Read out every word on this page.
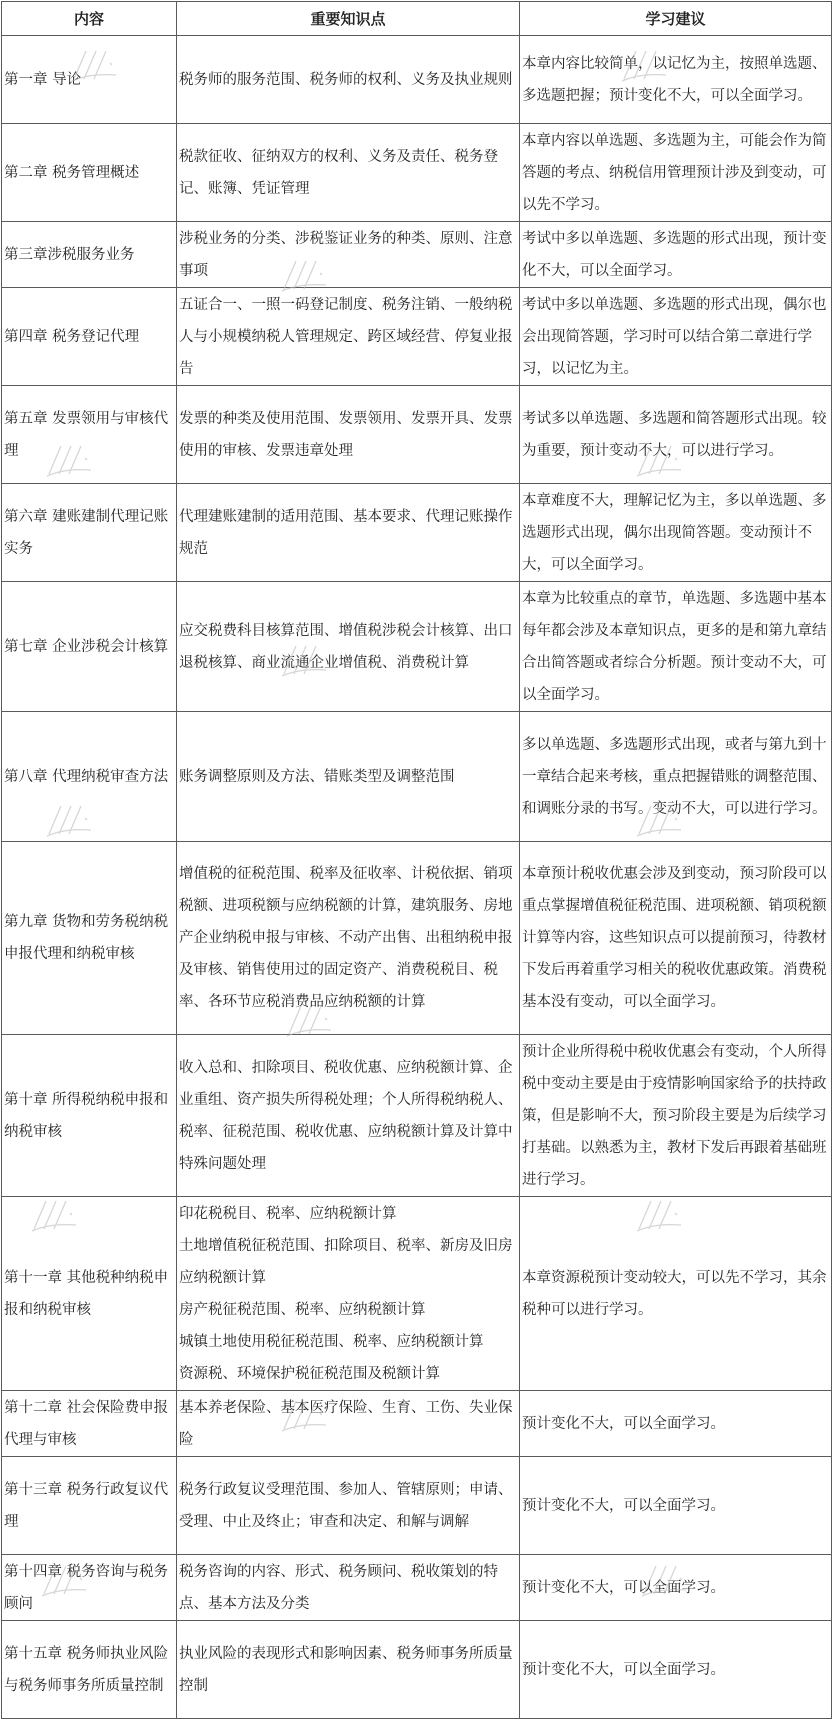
内容	重要知识点	学习建议
第一章 导论	税务师的服务范围、税务师的权利、义务及执业规则	本章内容比较简单，以记忆为主，按照单选题、多选题把握；预计变化不大，可以全面学习。
第二章 税务管理概述	税款征收、征纳双方的权利、义务及责任、税务登记、账簿、凭证管理	本章内容以单选题、多选题为主，可能会作为简答题的考点、纳税信用管理预计涉及到变动，可以先不学习。
第三章涉税服务业务	涉税业务的分类、涉税鉴证业务的种类、原则、注意事项	考试中多以单选题、多选题的形式出现，预计变化不大，可以全面学习。
第四章 税务登记代理	五证合一、一照一码登记制度、税务注销、一般纳税人与小规模纳税人管理规定、跨区域经营、停复业报告	考试中多以单选题、多选题的形式出现，偶尔也会出现简答题，学习时可以结合第二章进行学习，以记忆为主。
第五章 发票领用与审核代理	发票的种类及使用范围、发票领用、发票开具、发票使用的审核、发票违章处理	考试多以单选题、多选题和简答题形式出现。较为重要，预计变动不大，可以进行学习。
第六章 建账建制代理记账实务	代理建账建制的适用范围、基本要求、代理记账操作规范	本章难度不大，理解记忆为主，多以单选题、多选题形式出现，偶尔出现简答题。变动预计不大，可以全面学习。
第七章 企业涉税会计核算	应交税费科目核算范围、增值税涉税会计核算、出口退税核算、商业流通企业增值税、消费税计算	本章为比较重点的章节，单选题、多选题中基本每年都会涉及本章知识点，更多的是和第九章结合出简答题或者综合分析题。预计变动不大，可以全面学习。
第八章 代理纳税审查方法	账务调整原则及方法、错账类型及调整范围	多以单选题、多选题形式出现，或者与第九到十一章结合起来考核，重点把握错账的调整范围、和调账分录的书写。变动不大，可以进行学习。
第九章 货物和劳务税纳税申报代理和纳税审核	增值税的征税范围、税率及征收率、计税依据、销项税额、进项税额与应纳税额的计算，建筑服务、房地产企业纳税申报与审核、不动产出售、出租纳税申报及审核、销售使用过的固定资产、消费税税目、税率、各环节应税消费品应纳税额的计算	本章预计税收优惠会涉及到变动，预习阶段可以重点掌握增值税征税范围、进项税额、销项税额计算等内容，这些知识点可以提前预习，待教材下发后再着重学习相关的税收优惠政策。消费税基本没有变动，可以全面学习。
第十章 所得税纳税申报和纳税审核	收入总和、扣除项目、税收优惠、应纳税额计算、企业重组、资产损失所得税处理；个人所得税纳税人、税率、征税范围、税收优惠、应纳税额计算及计算中特殊问题处理	预计企业所得税中税收优惠会有变动，个人所得税中变动主要是由于疫情影响国家给予的扶持政策，但是影响不大，预习阶段主要是为后续学习打基础。以熟悉为主，教材下发后再跟着基础班进行学习。
第十一章 其他税种纳税申报和纳税审核	印花税税目、税率、应纳税额计算
土地增值税征税范围、扣除项目、税率、新房及旧房应纳税额计算
房产税征税范围、税率、应纳税额计算
城镇土地使用税征税范围、税率、应纳税额计算
资源税、环境保护税征税范围及税额计算	本章资源税预计变动较大，可以先不学习，其余税种可以进行学习。
第十二章 社会保险费申报代理与审核	基本养老保险、基本医疗保险、生育、工伤、失业保险	预计变化不大，可以全面学习。
第十三章 税务行政复议代理	税务行政复议受理范围、参加人、管辖原则；申请、受理、中止及终止；审查和决定、和解与调解	预计变化不大，可以全面学习。
第十四章 税务咨询与税务顾问	税务咨询的内容、形式、税务顾问、税收策划的特点、基本方法及分类	预计变化不大，可以全面学习。
第十五章 税务师执业风险与税务师事务所质量控制	执业风险的表现形式和影响因素、税务师事务所质量控制	预计变化不大，可以全面学习。
